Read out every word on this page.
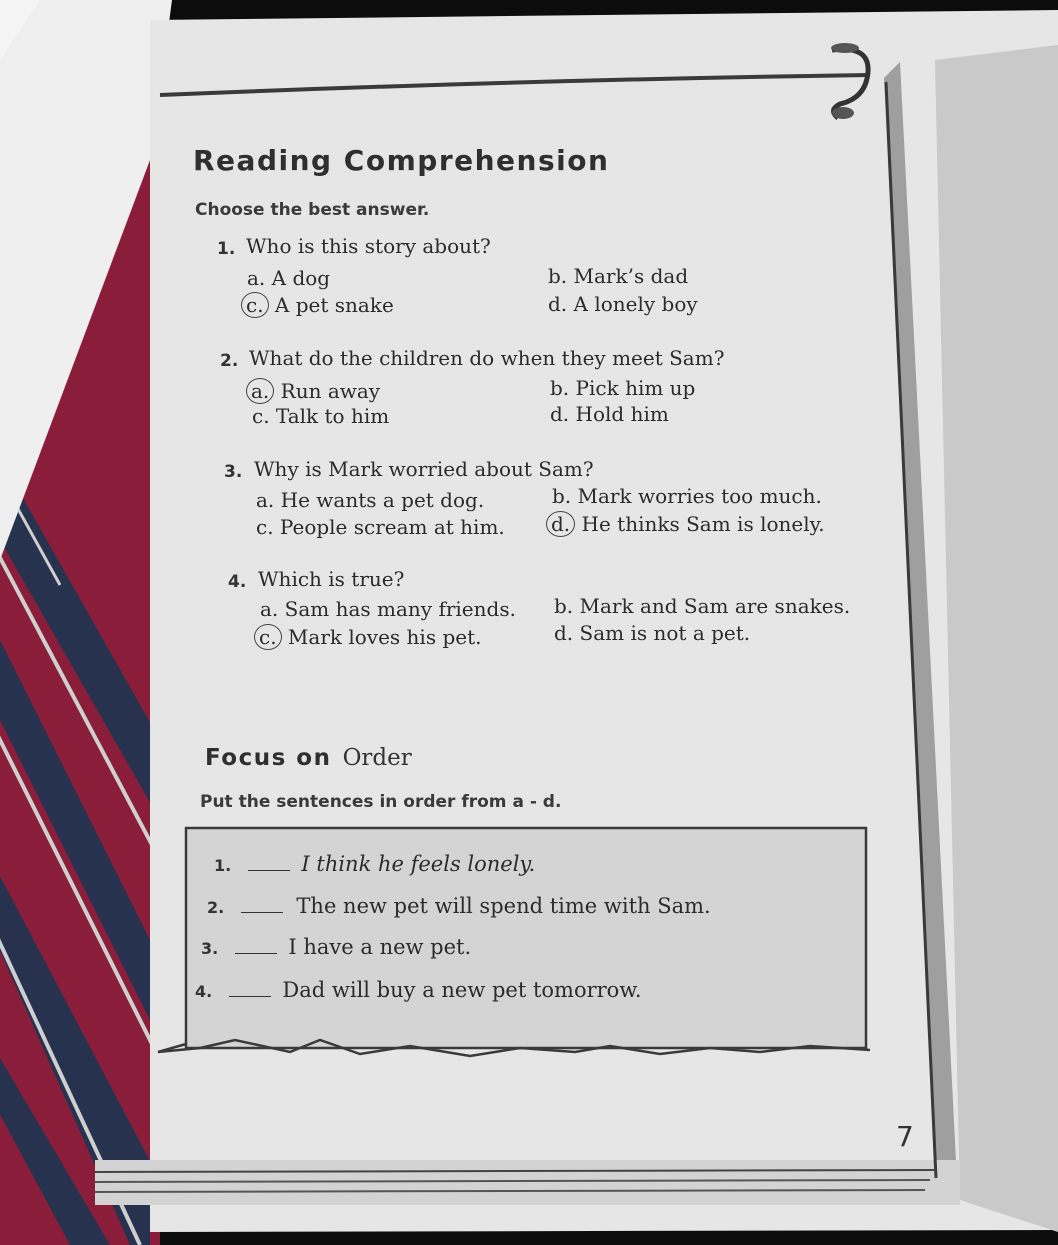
Reading Comprehension
Choose the best answer.
1. Who is this story about?
a. A dog	b. Mark’s dad
c. A pet snake	d. A lonely boy
2. What do the children do when they meet Sam?
a. Run away	b. Pick him up
c. Talk to him	d. Hold him
3. Why is Mark worried about Sam?
a. He wants a pet dog.	b. Mark worries too much.
c. People scream at him. d. He thinks Sam is lonely.
4. Which is true?
a. Sam has many friends. b. Mark and Sam are snakes.
c. Mark loves his pet.	d. Sam is not a pet.
Focus on Order
Put the sentences in order from a - d.
1.	I think he feels lonely.
2.	The new pet will spend time with Sam.
3.	I have a new pet.
4.	Dad will buy a new pet tomorrow.
7
